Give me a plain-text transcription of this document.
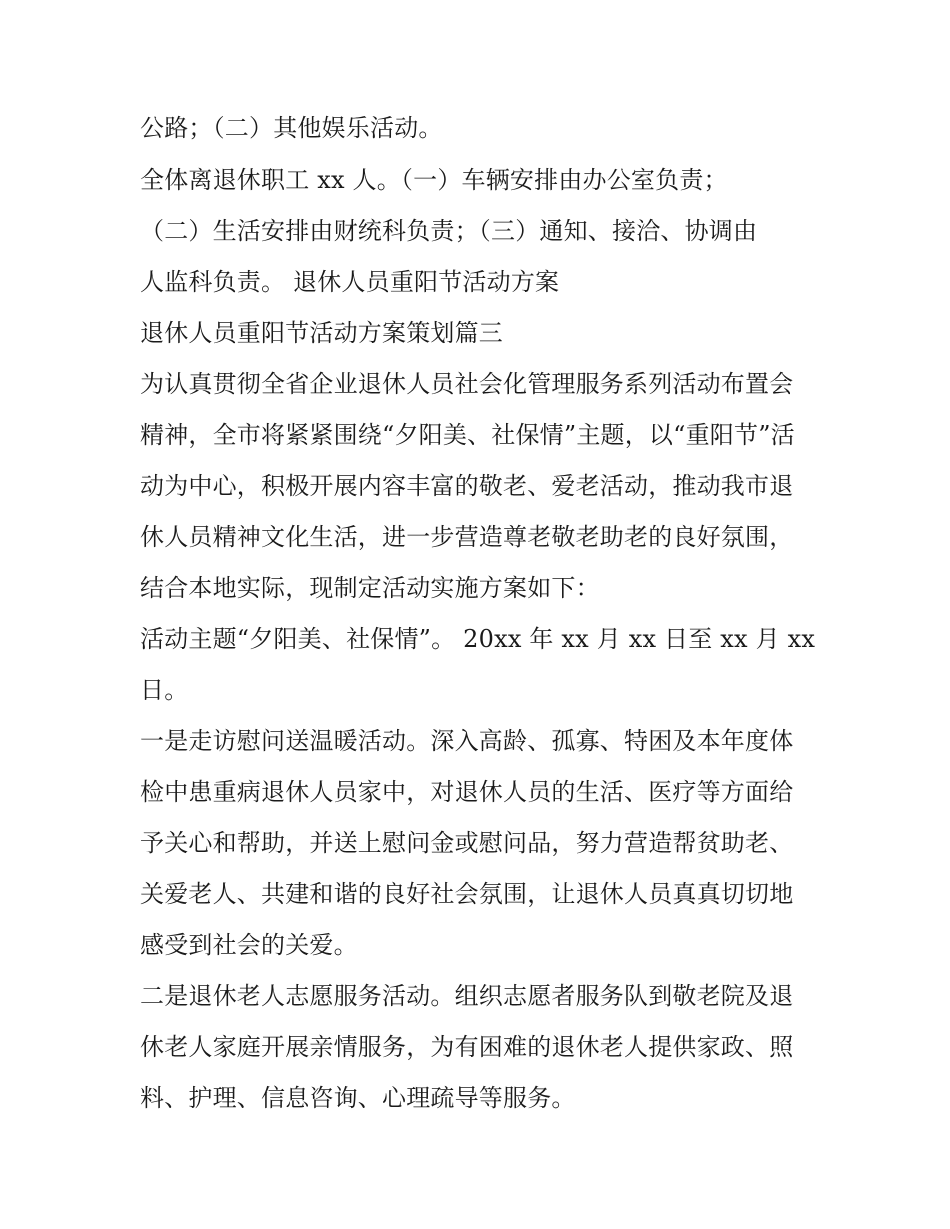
公路；（二）其他娱乐活动。
全体离退休职工 xx 人。（一）车辆安排由办公室负责；
（二）生活安排由财统科负责；（三）通知、接洽、协调由
人监科负责。 退休人员重阳节活动方案
退休人员重阳节活动方案策划篇三
为认真贯彻全省企业退休人员社会化管理服务系列活动布置会
精神，全市将紧紧围绕“夕阳美、社保情”主题，以“重阳节”活
动为中心，积极开展内容丰富的敬老、爱老活动，推动我市退
休人员精神文化生活，进一步营造尊老敬老助老的良好氛围，
结合本地实际，现制定活动实施方案如下：
活动主题“夕阳美、社保情”。 20xx 年 xx 月 xx 日至 xx 月 xx
日。
一是走访慰问送温暖活动。深入高龄、孤寡、特困及本年度体
检中患重病退休人员家中，对退休人员的生活、医疗等方面给
予关心和帮助，并送上慰问金或慰问品，努力营造帮贫助老、
关爱老人、共建和谐的良好社会氛围，让退休人员真真切切地
感受到社会的关爱。
二是退休老人志愿服务活动。组织志愿者服务队到敬老院及退
休老人家庭开展亲情服务，为有困难的退休老人提供家政、照
料、护理、信息咨询、心理疏导等服务。
